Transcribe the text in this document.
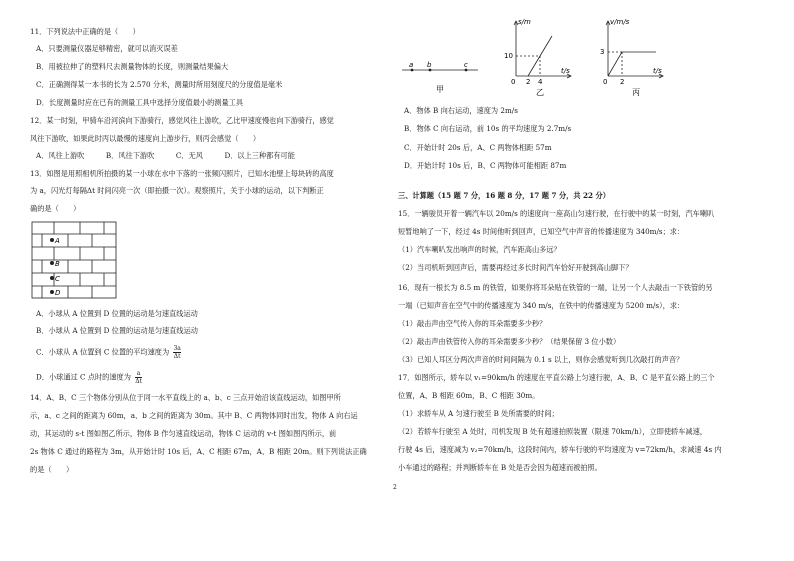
11．下列说法中正确的是（　　）
A．只要测量仪器足够精密，就可以消灭误差
B．用被拉伸了的塑料尺去测量物体的长度，则测量结果偏大
C．正确测得某一本书的长为 2.570 分米，测量时所用刻度尺的分度值是毫米
D．长度测量时应在已有的测量工具中选择分度值最小的测量工具
12．某一时刻，甲骑车沿河滨向下游骑行，感觉风往上游吹，乙比甲速度慢也向下游骑行，感觉
风往下游吹，如果此时丙以最慢的速度向上游步行，则丙会感觉（　　）
A．风往上游吹　　　B．风往下游吹　　　C．无风　　　D．以上三种都有可能
13．如图是用照相机所拍摄的某一小球在水中下落的一张频闪照片，已知水池壁上每块砖的高度
为 a，闪光灯每隔Δt 时间闪亮一次（即拍摄一次）。观察照片，关于小球的运动，以下判断正
确的是（　　）
A
B
C
D
A．小球从 A 位置到 D 位置的运动是匀速直线运动
B．小球从 A 位置到 D 位置的运动是匀速直线运动
C．小球从 A 位置到 C 位置的平均速度为 $\frac{3a}{\Delta t}$
D．小球通过 C 点时的速度为 $\frac{a}{\Delta t}$
14．A、B、C 三个物体分别从位于同一水平直线上的 a、b、c 三点开始沿该直线运动，如图甲所
示，a、c 之间的距离为 60m，a、b 之间的距离为 30m。其中 B、C 两物体同时出发，物体 A 向右运
动，其运动的 s-t 图如图乙所示，物体 B 作匀速直线运动，物体 C 运动的 v-t 图如图丙所示，前
2s 物体 C 通过的路程为 3m，从开始计时 10s 后，A、C 相距 67m，A、B 相距 20m。则下列说法正确
的是（　　）
a b	c
甲
s/m
t/s
10
0 2 4
乙
v/m/s
t/s
3
0 2
丙
A．物体 B 向右运动，速度为 2m/s
B．物体 C 向右运动，前 10s 的平均速度为 2.7m/s
C．开始计时 20s 后，A、C 两物体相距 57m
D．开始计时 10s 后，B、C 两物体可能相距 87m
三、计算题（15 题 7 分，16 题 8 分，17 题 7 分，共 22 分）
15．一辆骏员开着一辆汽车以 20m/s 的速度向一座高山匀速行驶，在行驶中的某一时刻，汽车喇叭
短暂地响了一下，经过 4s 时间他听到回声，已知空气中声音的传播速度为 340m/s；求：
（1）汽车喇叭发出响声的时候，汽车距高山多远？
（2）当司机听到回声后，需要再经过多长时间汽车恰好开驶到高山脚下？
16．现有一根长为 8.5 m 的铁管，如果你将耳朵贴在铁管的一端，让另一个人去敲击一下铁管的另
一端（已知声音在空气中的传播速度为 340 m/s，在铁中的传播速度为 5200 m/s），求：
（1）敲击声由空气传入你的耳朵需要多少秒？
（2）敲击声由铁管传入你的耳朵需要多少秒？（结果保留 3 位小数）
（3）已知人耳区分两次声音的时间间隔为 0.1 s 以上，则你会感觉听到几次敲打的声音？
17．如图所示，轿车以 v₁=90km/h 的速度在平直公路上匀速行驶，A、B、C 是平直公路上的三个
位置，A、B 相距 60m，B、C 相距 30m。
（1）求轿车从 A 匀速行驶至 B 处所需要的时间；
（2）若轿车行驶至 A 处时，司机发现 B 处有超速拍照装置（限速 70km/h），立即使轿车减速，
行驶 4s 后，速度减为 v₂=70km/h，这段时间内，轿车行驶的平均速度为 v=72km/h，求减速 4s 内
小车通过的路程；并判断轿车在 B 处是否会因为超速而被拍照。
2
